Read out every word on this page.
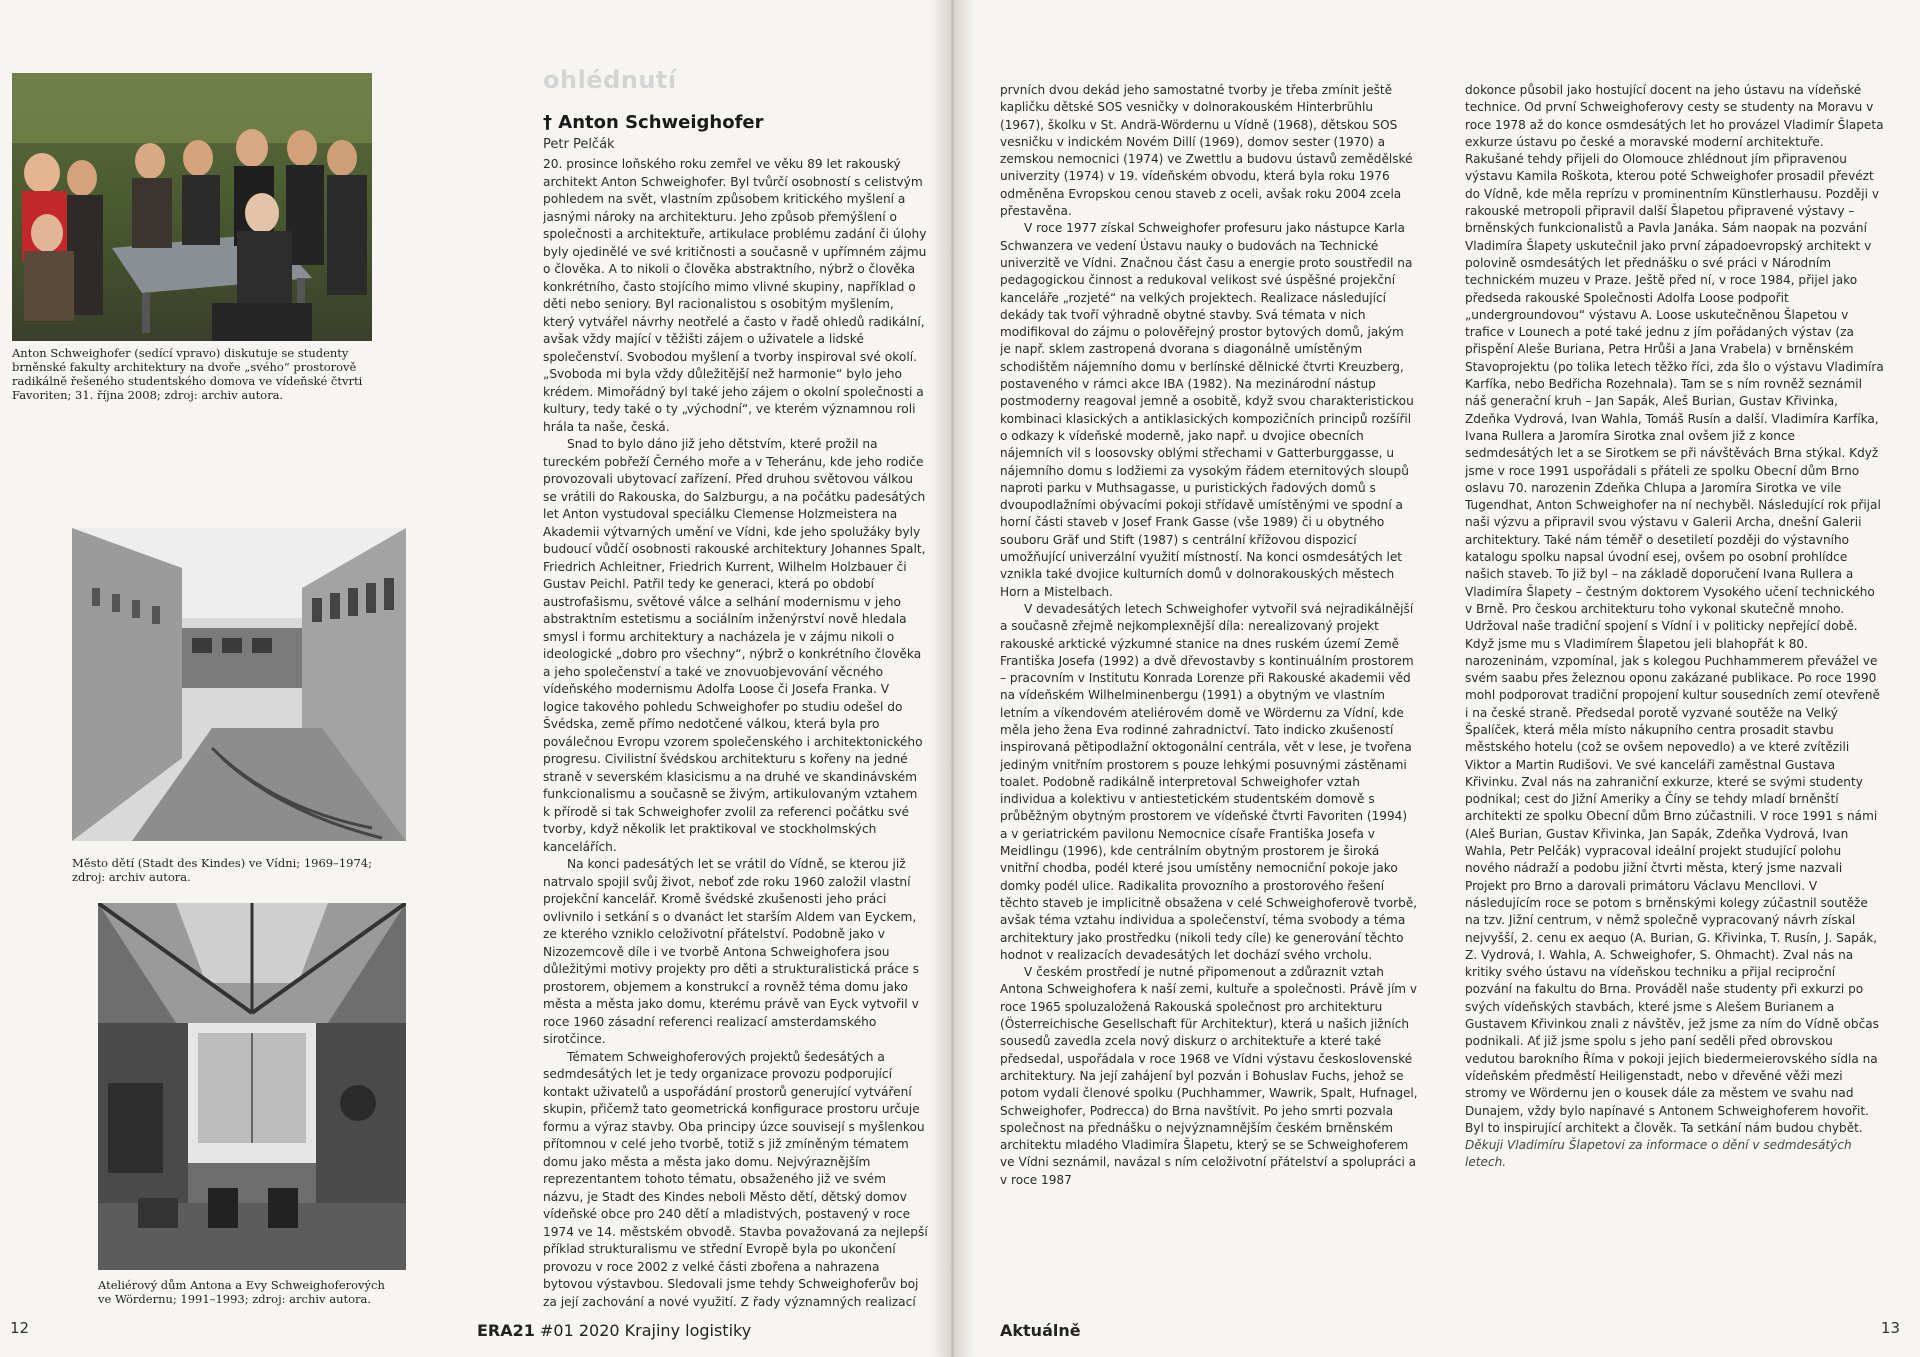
Anton Schweighofer (sedící vpravo) diskutuje se studenty brněnské fakulty architektury na dvoře „svého“ prostorově radikálně řešeného studentského domova ve vídeňské čtvrti Favoriten; 31. října 2008; zdroj: archiv autora.
Město dětí (Stadt des Kindes) ve Vídni; 1969–1974; zdroj: archiv autora.
Ateliérový dům Antona a Evy Schweighoferových ve Wördernu; 1991–1993; zdroj: archiv autora.
ohlédnutí
† Anton Schweighofer
Petr Pelčák

20. prosince loňského roku zemřel ve věku 89 let rakouský architekt Anton Schweighofer. Byl tvůrčí osobností s celistvým pohledem na svět, vlastním způsobem kritického myšlení a jasnými nároky na architekturu. Jeho způsob přemýšlení o společnosti a architektuře, artikulace problému zadání či úlohy byly ojedinělé ve své kritičnosti a současně v upřímném zájmu o člověka. A to nikoli o člověka abstraktního, nýbrž o člověka konkrétního, často stojícího mimo vlivné skupiny, například o děti nebo seniory. Byl racionalistou s osobitým myšlením, který vytvářel návrhy neotřelé a často v řadě ohledů radikální, avšak vždy mající v těžišti zájem o uživatele a lidské společenství. Svobodou myšlení a tvorby inspiroval své okolí. „Svoboda mi byla vždy důležitější než harmonie“ bylo jeho krédem. Mimořádný byl také jeho zájem o okolní společnosti a kultury, tedy také o ty „východní“, ve kterém významnou roli hrála ta naše, česká.

Snad to bylo dáno již jeho dětstvím, které prožil na tureckém pobřeží Černého moře a v Teheránu, kde jeho rodiče provozovali ubytovací zařízení. Před druhou světovou válkou se vrátili do Rakouska, do Salzburgu, a na počátku padesátých let Anton vystudoval speciálku Clemense Holzmeistera na Akademii výtvarných umění ve Vídni, kde jeho spolužáky byly budoucí vůdčí osobnosti rakouské architektury Johannes Spalt, Friedrich Achleitner, Friedrich Kurrent, Wilhelm Holzbauer či Gustav Peichl. Patřil tedy ke generaci, která po období austrofašismu, světové válce a selhání modernismu v jeho abstraktním estetismu a sociálním inženýrství nově hledala smysl i formu architektury a nacházela je v zájmu nikoli o ideologické „dobro pro všechny“, nýbrž o konkrétního člověka a jeho společenství a také ve znovuobjevování věcného vídeňského modernismu Adolfa Loose či Josefa Franka. V logice takového pohledu Schweighofer po studiu odešel do Švédska, země přímo nedotčené válkou, která byla pro poválečnou Evropu vzorem společenského i architektonického progresu. Civilistní švédskou architekturu s kořeny na jedné straně v severském klasicismu a na druhé ve skandinávském funkcionalismu a současně se živým, artikulovaným vztahem k přírodě si tak Schweighofer zvolil za referenci počátku své tvorby, když několik let praktikoval ve stockholmských kancelářích.

Na konci padesátých let se vrátil do Vídně, se kterou již natrvalo spojil svůj život, neboť zde roku 1960 založil vlastní projekční kancelář. Kromě švédské zkušenosti jeho práci ovlivnilo i setkání s o dvanáct let starším Aldem van Eyckem, ze kterého vzniklo celoživotní přátelství. Podobně jako v Nizozemcově díle i ve tvorbě Antona Schweighofera jsou důležitými motivy projekty pro děti a strukturalistická práce s prostorem, objemem a konstrukcí a rovněž téma domu jako města a města jako domu, kterému právě van Eyck vytvořil v roce 1960 zásadní referenci realizací amsterdamského sirotčince.

Tématem Schweighoferových projektů šedesátých a sedmdesátých let je tedy organizace provozu podporující kontakt uživatelů a uspořádání prostorů generující vytváření skupin, přičemž tato geometrická konfigurace prostoru určuje formu a výraz stavby. Oba principy úzce souvisejí s myšlenkou přítomnou v celé jeho tvorbě, totiž s již zmíněným tématem domu jako města a města jako domu. Nejvýraznějším reprezentantem tohoto tématu, obsaženého již ve svém názvu, je Stadt des Kindes neboli Město dětí, dětský domov vídeňské obce pro 240 dětí a mladistvých, postavený v roce 1974 ve 14. městském obvodě. Stavba považovaná za nejlepší příklad strukturalismu ve střední Evropě byla po ukončení provozu v roce 2002 z velké části zbořena a nahrazena bytovou výstavbou. Sledovali jsme tehdy Schweighoferův boj za její zachování a nové využití. Z řady významných realizací

12	ERA21 #01 2020 Krajiny logistiky

prvních dvou dekád jeho samostatné tvorby je třeba zmínit ještě kapličku dětské SOS vesničky v dolnorakouském Hinterbrühlu (1967), školku v St. Andrä-Wördernu u Vídně (1968), dětskou SOS vesničku v indickém Novém Dillí (1969), domov sester (1970) a zemskou nemocnici (1974) ve Zwettlu a budovu ústavů zemědělské univerzity (1974) v 19. vídeňském obvodu, která byla roku 1976 odměněna Evropskou cenou staveb z oceli, avšak roku 2004 zcela přestavěna.

V roce 1977 získal Schweighofer profesuru jako nástupce Karla Schwanzera ve vedení Ústavu nauky o budovách na Technické univerzitě ve Vídni. Značnou část času a energie proto soustředil na pedagogickou činnost a redukoval velikost své úspěšné projekční kanceláře „rozjeté“ na velkých projektech. Realizace následující dekády tak tvoří výhradně obytné stavby. Svá témata v nich modifikoval do zájmu o polověřejný prostor bytových domů, jakým je např. sklem zastropená dvorana s diagonálně umístěným schodištěm nájemního domu v berlínské dělnické čtvrti Kreuzberg, postaveného v rámci akce IBA (1982). Na mezinárodní nástup postmoderny reagoval jemně a osobitě, když svou charakteristickou kombinaci klasických a antiklasických kompozičních principů rozšířil o odkazy k vídeňské moderně, jako např. u dvojice obecních nájemních vil s loosovsky oblými střechami v Gatterburggasse, u nájemního domu s lodžiemi za vysokým řádem eternitových sloupů naproti parku v Muthsagasse, u puristických řadových domů s dvoupodlažními obývacími pokoji střídavě umístěnými ve spodní a horní části staveb v Josef Frank Gasse (vše 1989) či u obytného souboru Gräf und Stift (1987) s centrální křížovou dispozicí umožňující univerzální využití místností. Na konci osmdesátých let vznikla také dvojice kulturních domů v dolnorakouských městech Horn a Mistelbach.

V devadesátých letech Schweighofer vytvořil svá nejradikálnější a současně zřejmě nejkomplexnější díla: nerealizovaný projekt rakouské arktické výzkumné stanice na dnes ruském území Země Františka Josefa (1992) a dvě dřevostavby s kontinuálním prostorem – pracovním v Institutu Konrada Lorenze při Rakouské akademii věd na vídeňském Wilhelminenbergu (1991) a obytným ve vlastním letním a víkendovém ateliérovém domě ve Wördernu za Vídní, kde měla jeho žena Eva rodinné zahradnictví. Tato indicko zkušeností inspirovaná pětipodlažní oktogonální centrála, vět v lese, je tvořena jediným vnitřním prostorem s pouze lehkými posuvnými zástěnami toalet. Podobně radikálně interpretoval Schweighofer vztah individua a kolektivu v antiestetickém studentském domově s průběžným obytným prostorem ve vídeňské čtvrti Favoriten (1994) a v geriatrickém pavilonu Nemocnice císaře Františka Josefa v Meidlingu (1996), kde centrálním obytným prostorem je široká vnitřní chodba, podél které jsou umístěny nemocniční pokoje jako domky podél ulice. Radikalita provozního a prostorového řešení těchto staveb je implicitně obsažena v celé Schweighoferově tvorbě, avšak téma vztahu individua a společenství, téma svobody a téma architektury jako prostředku (nikoli tedy cíle) ke generování těchto hodnot v realizacích devadesátých let dochází svého vrcholu.

V českém prostředí je nutné připomenout a zdůraznit vztah Antona Schweighofera k naší zemi, kultuře a společnosti. Právě jím v roce 1965 spoluzaložená Rakouská společnost pro architekturu (Österreichische Gesellschaft für Architektur), která u našich jižních sousedů zavedla zcela nový diskurz o architektuře a které také předsedal, uspořádala v roce 1968 ve Vídni výstavu československé architektury. Na její zahájení byl pozván i Bohuslav Fuchs, jehož se potom vydali členové spolku (Puchhammer, Wawrik, Spalt, Hufnagel, Schweighofer, Podrecca) do Brna navštívit. Po jeho smrti pozvala společnost na přednášku o nejvýznamnějším českém brněnském architektu mladého Vladimíra Šlapetu, který se se Schweighoferem ve Vídni seznámil, navázal s ním celoživotní přátelství a spolupráci a v roce 1987

dokonce působil jako hostující docent na jeho ústavu na vídeňské technice. Od první Schweighoferovy cesty se studenty na Moravu v roce 1978 až do konce osmdesátých let ho provázel Vladimír Šlapeta exkurze ústavu po české a moravské moderní architektuře. Rakušané tehdy přijeli do Olomouce zhlédnout jím připravenou výstavu Kamila Roškota, kterou poté Schweighofer prosadil převézt do Vídně, kde měla reprízu v prominentním Künstlerhausu. Později v rakouské metropoli připravil další Šlapetou připravené výstavy – brněnských funkcionalistů a Pavla Janáka. Sám naopak na pozvání Vladimíra Šlapety uskutečnil jako první západoevropský architekt v polovině osmdesátých let přednášku o své práci v Národním technickém muzeu v Praze. Ještě před ní, v roce 1984, přijel jako předseda rakouské Společnosti Adolfa Loose podpořit „undergroundovou“ výstavu A. Loose uskutečněnou Šlapetou v trafice v Lounech a poté také jednu z jím pořádaných výstav (za přispění Aleše Buriana, Petra Hrůši a Jana Vrabela) v brněnském Stavoprojektu (po tolika letech těžko říci, zda šlo o výstavu Vladimíra Karfíka, nebo Bedřicha Rozehnala). Tam se s ním rovněž seznámil náš generační kruh – Jan Sapák, Aleš Burian, Gustav Křivinka, Zdeňka Vydrová, Ivan Wahla, Tomáš Rusín a další. Vladimíra Karfíka, Ivana Rullera a Jaromíra Sirotka znal ovšem již z konce sedmdesátých let a se Sirotkem se při návštěvách Brna stýkal. Když jsme v roce 1991 uspořádali s přáteli ze spolku Obecní dům Brno oslavu 70. narozenin Zdeňka Chlupa a Jaromíra Sirotka ve vile Tugendhat, Anton Schweighofer na ní nechyběl. Následující rok přijal naši výzvu a připravil svou výstavu v Galerii Archa, dnešní Galerii architektury. Také nám téměř o desetiletí později do výstavního katalogu spolku napsal úvodní esej, ovšem po osobní prohlídce našich staveb. To již byl – na základě doporučení Ivana Rullera a Vladimíra Šlapety – čestným doktorem Vysokého učení technického v Brně. Pro českou architekturu toho vykonal skutečně mnoho. Udržoval naše tradiční spojení s Vídní i v politicky nepřející době. Když jsme mu s Vladimírem Šlapetou jeli blahopřát k 80. narozeninám, vzpomínal, jak s kolegou Puchhammerem převážel ve svém saabu přes železnou oponu zakázané publikace. Po roce 1990 mohl podporovat tradiční propojení kultur sousedních zemí otevřeně i na české straně. Předsedal porotě vyzvané soutěže na Velký Špalíček, která měla místo nákupního centra prosadit stavbu městského hotelu (což se ovšem nepovedlo) a ve které zvítězili Viktor a Martin Rudišovi. Ve své kanceláři zaměstnal Gustava Křivinku. Zval nás na zahraniční exkurze, které se svými studenty podnikal; cest do Jižní Ameriky a Číny se tehdy mladí brněnští architekti ze spolku Obecní dům Brno zúčastnili. V roce 1991 s námi (Aleš Burian, Gustav Křivinka, Jan Sapák, Zdeňka Vydrová, Ivan Wahla, Petr Pelčák) vypracoval ideální projekt studující polohu nového nádraží a podobu jižní čtvrti města, který jsme nazvali Projekt pro Brno a darovali primátoru Václavu Mencllovi. V následujícím roce se potom s brněnskými kolegy zúčastnil soutěže na tzv. Jižní centrum, v němž společně vypracovaný návrh získal nejvyšší, 2. cenu ex aequo (A. Burian, G. Křivinka, T. Rusín, J. Sapák, Z. Vydrová, I. Wahla, A. Schweighofer, S. Ohmacht). Zval nás na kritiky svého ústavu na vídeňskou techniku a přijal reciproční pozvání na fakultu do Brna. Prováděl naše studenty při exkurzi po svých vídeňských stavbách, které jsme s Alešem Burianem a Gustavem Křivinkou znali z návštěv, jež jsme za ním do Vídně občas podnikali. Ať již jsme spolu s jeho paní seděli před obrovskou vedutou barokního Říma v pokoji jejich biedermeierovského sídla na vídeňském předměstí Heiligenstadt, nebo v dřevěné věži mezi stromy ve Wördernu jen o kousek dále za městem ve svahu nad Dunajem, vždy bylo napínavé s Antonem Schweighoferem hovořit. Byl to inspirující architekt a člověk. Ta setkání nám budou chybět.

Děkuji Vladimíru Šlapetovi za informace o dění v sedmdesátých letech.

Aktuálně	13
